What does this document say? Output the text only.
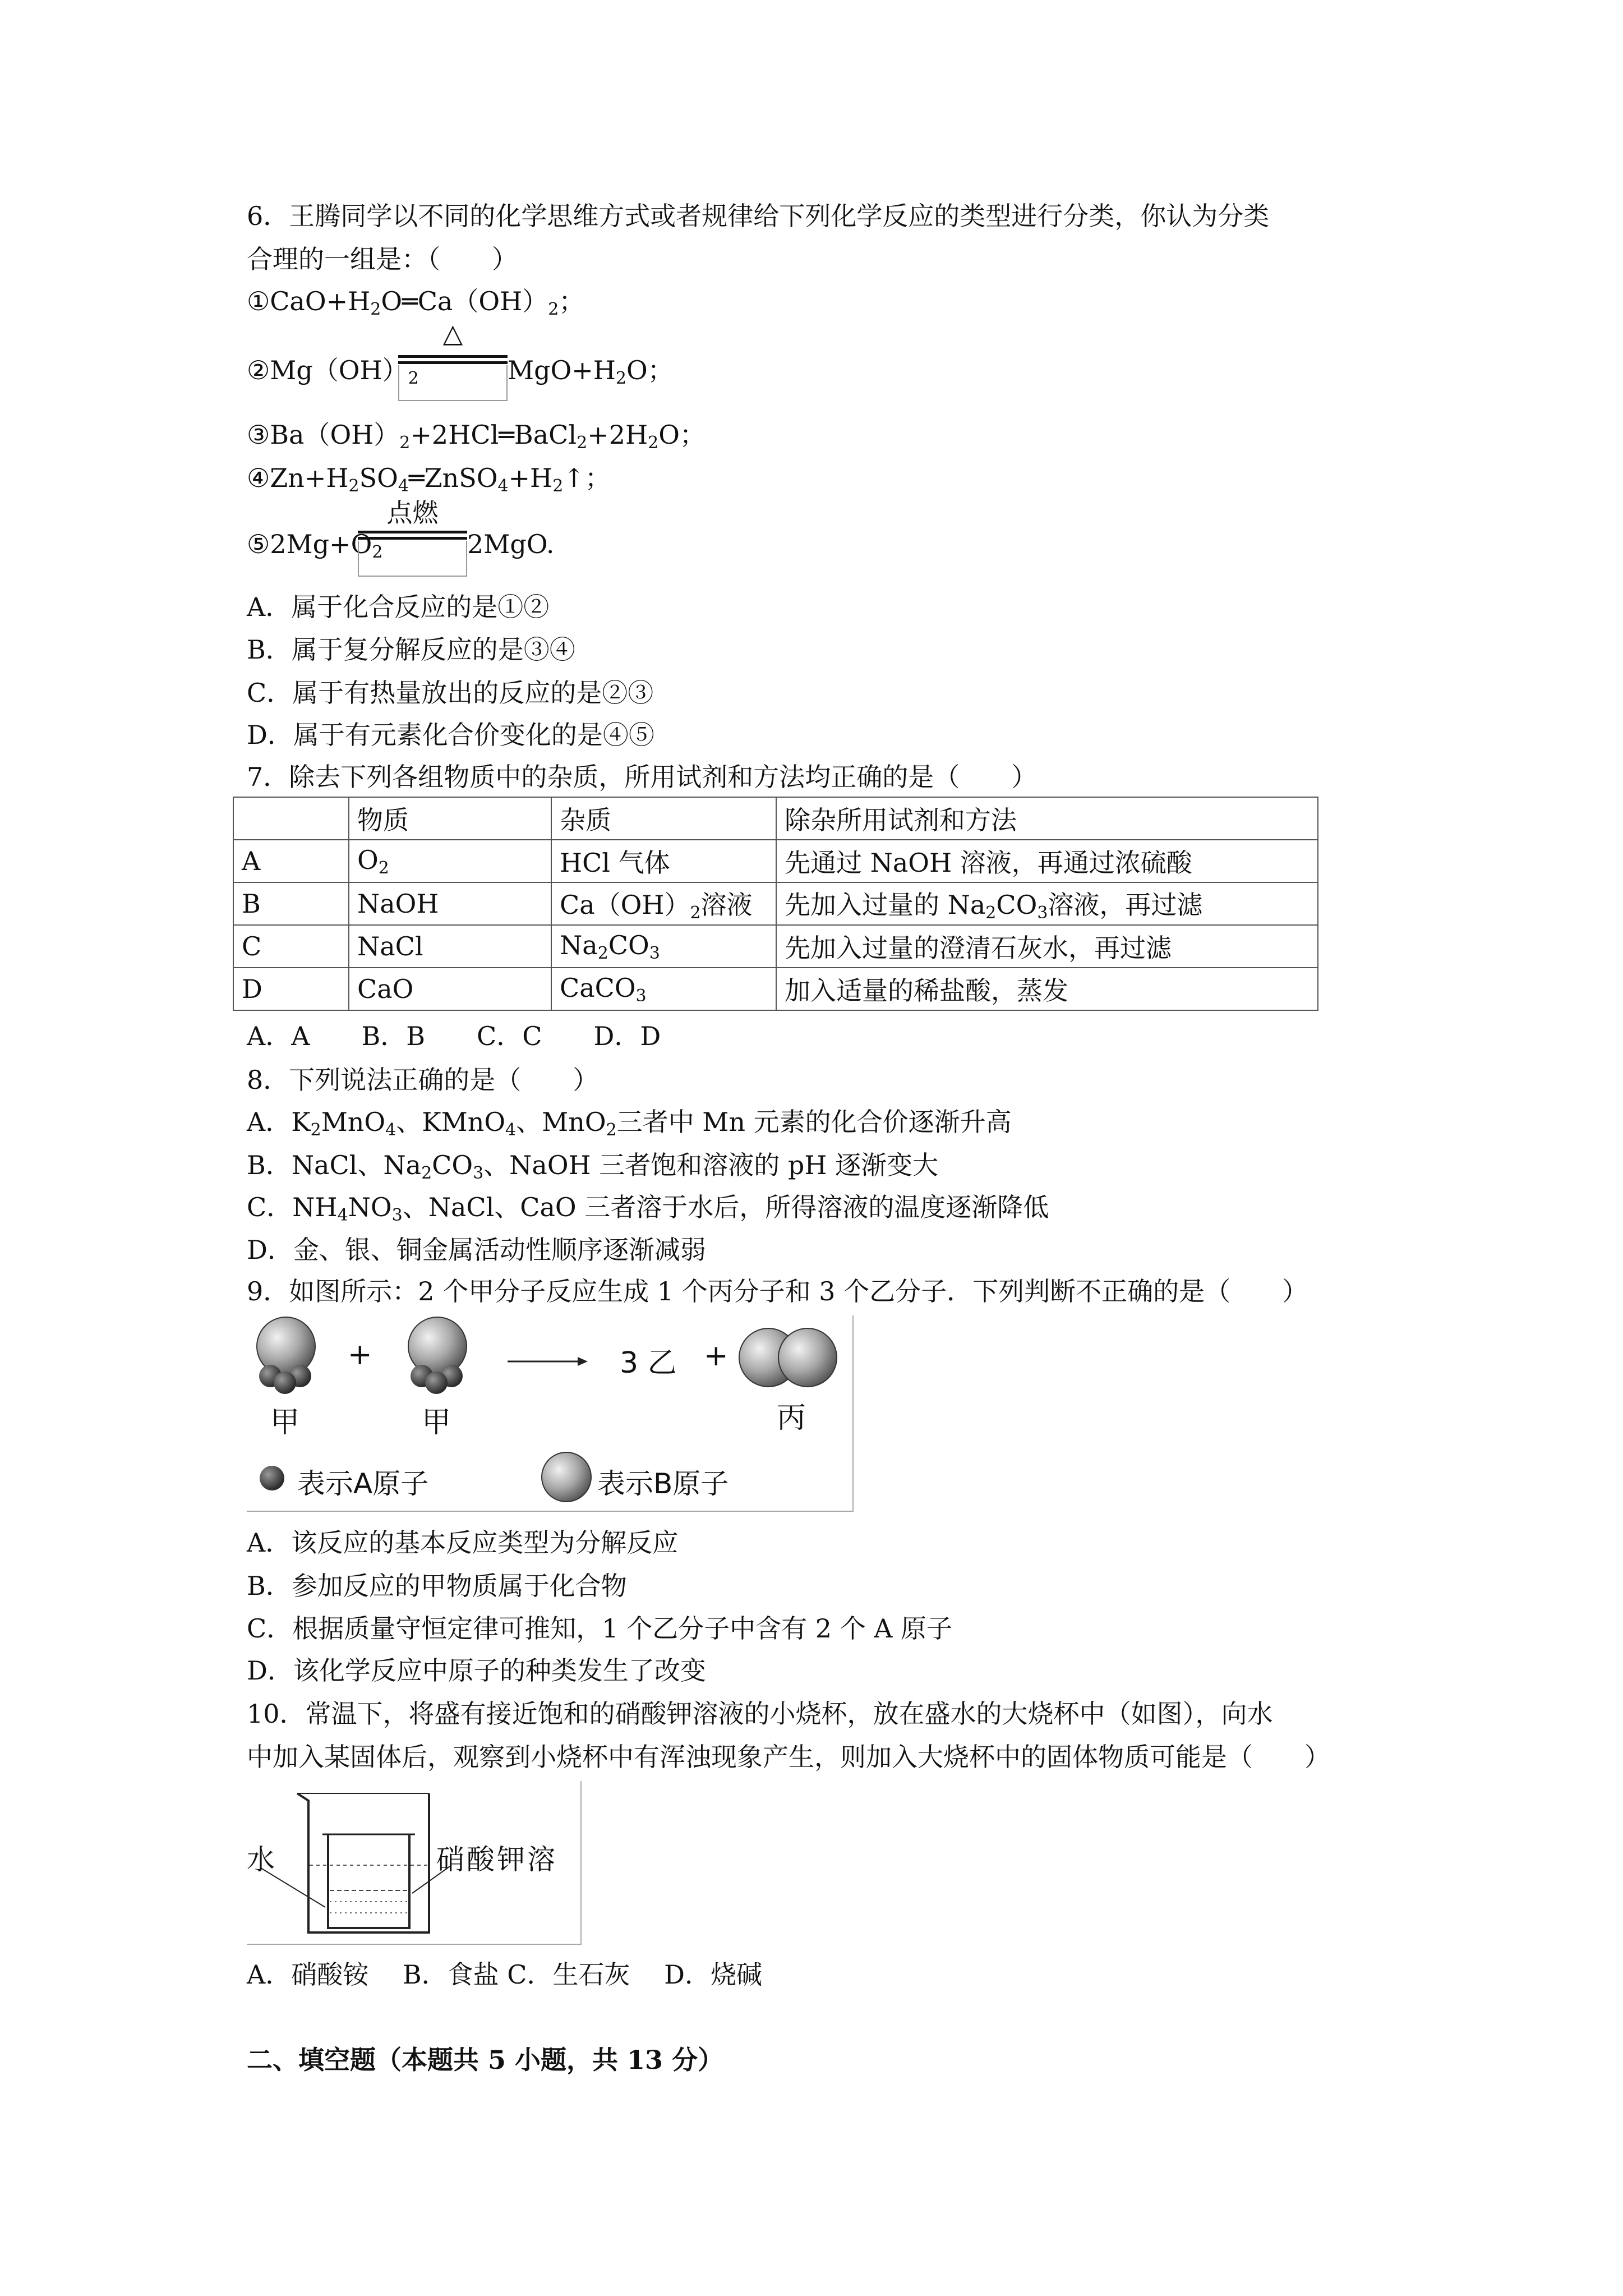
6．王腾同学以不同的化学思维方式或者规律给下列化学反应的类型进行分类，你认为分类
合理的一组是：（　　）
$①CaO+H_2O═Ca(OH)_2$；
$②Mg(OH)_2$
△
$MgO+H_2O$；
$③Ba(OH)_2+2HCl═BaCl_2+2H_2O$；
$④Zn+H_2SO_4═ZnSO_4+H_2↑$；
$⑤2Mg+O_2$
点燃
2MgO.
A．属于化合反应的是①②
B．属于复分解反应的是③④
C．属于有热量放出的反应的是②③
D．属于有元素化合价变化的是④⑤
7．除去下列各组物质中的杂质，所用试剂和方法均正确的是（　　）
	物质	杂质	除杂所用试剂和方法
A	$O_2$	HCl 气体	先通过 NaOH 溶液，再通过浓硫酸
B	NaOH	$Ca(OH)_2$溶液	先加入过量的 $Na_2CO_3$溶液，再过滤
C	NaCl	$Na_2CO_3$	先加入过量的澄清石灰水，再过滤
D	CaO	CaCO$_3$	加入适量的稀盐酸，蒸发
A．A　　B．B　　C．C　　D．D
8．下列说法正确的是（　　）
A．$K_2MnO_4$、KMnO$_4$、MnO$_2$三者中 Mn 元素的化合价逐渐升高
B．NaCl、$Na_2CO_3$、NaOH 三者饱和溶液的 pH 逐渐变大
C．$NH_4NO_3$、NaCl、CaO 三者溶于水后，所得溶液的温度逐渐降低
D．金、银、铜金属活动性顺序逐渐减弱
9．如图所示：2 个甲分子反应生成 1 个丙分子和 3 个乙分子．下列判断不正确的是（　　）
+	+
3 乙
甲	甲	丙
表示A原子	表示B原子
A．该反应的基本反应类型为分解反应
B．参加反应的甲物质属于化合物
C．根据质量守恒定律可推知，1 个乙分子中含有 2 个 A 原子
D．该化学反应中原子的种类发生了改变
10．常温下，将盛有接近饱和的硝酸钾溶液的小烧杯，放在盛水的大烧杯中（如图），向水
中加入某固体后，观察到小烧杯中有浑浊现象产生，则加入大烧杯中的固体物质可能是（　　）
水	硝酸钾溶
A．硝酸铵　 B．食盐 C．生石灰　 D．烧碱
二、填空题（本题共 5 小题，共 13 分）
